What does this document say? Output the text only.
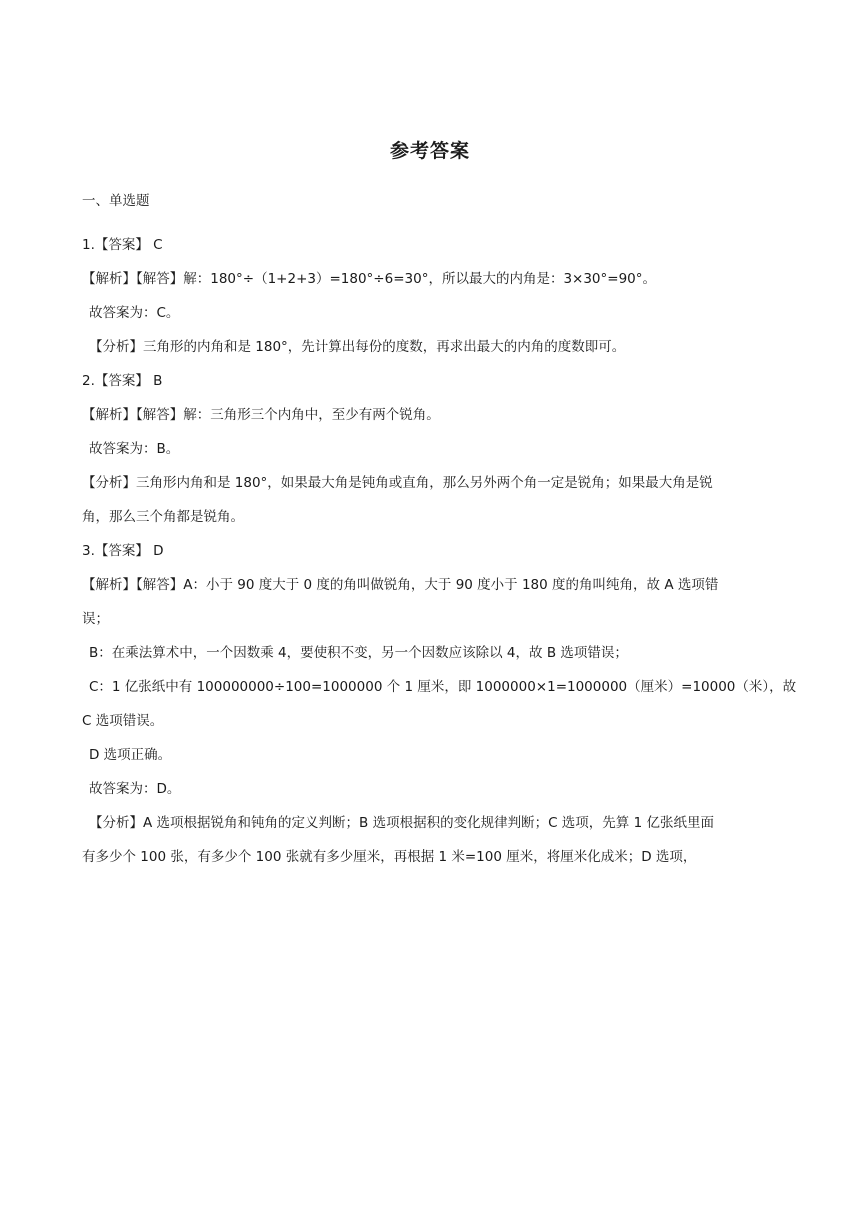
参考答案
一、单选题
1.【答案】 C
【解析】【解答】解：180°÷（1+2+3）=180°÷6=30°，所以最大的内角是：3×30°=90°。
故答案为：C。
【分析】三角形的内角和是 180°，先计算出每份的度数，再求出最大的内角的度数即可。
2.【答案】 B
【解析】【解答】解：三角形三个内角中，至少有两个锐角。
故答案为：B。
【分析】三角形内角和是 180°，如果最大角是钝角或直角，那么另外两个角一定是锐角；如果最大角是锐
角，那么三个角都是锐角。
3.【答案】 D
【解析】【解答】A：小于 90 度大于 0 度的角叫做锐角，大于 90 度小于 180 度的角叫纯角，故 A 选项错
误；
B：在乘法算术中，一个因数乘 4，要使积不变，另一个因数应该除以 4，故 B 选项错误；
C：1 亿张纸中有 100000000÷100=1000000 个 1 厘米，即 1000000×1=1000000（厘米）=10000（米），故
C 选项错误。
D 选项正确。
故答案为：D。
【分析】A 选项根据锐角和钝角的定义判断；B 选项根据积的变化规律判断；C 选项，先算 1 亿张纸里面
有多少个 100 张，有多少个 100 张就有多少厘米，再根据 1 米=100 厘米，将厘米化成米；D 选项，
